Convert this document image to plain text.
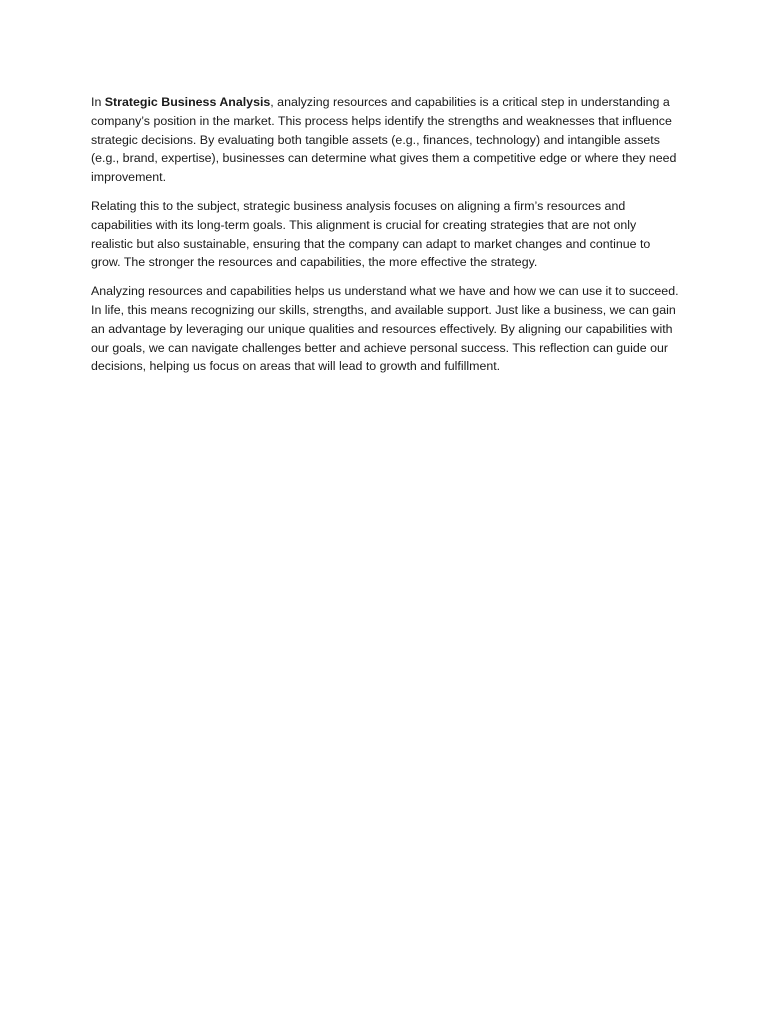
In Strategic Business Analysis, analyzing resources and capabilities is a critical step in understanding a company’s position in the market. This process helps identify the strengths and weaknesses that influence strategic decisions. By evaluating both tangible assets (e.g., finances, technology) and intangible assets (e.g., brand, expertise), businesses can determine what gives them a competitive edge or where they need improvement.

Relating this to the subject, strategic business analysis focuses on aligning a firm’s resources and capabilities with its long-term goals. This alignment is crucial for creating strategies that are not only realistic but also sustainable, ensuring that the company can adapt to market changes and continue to grow. The stronger the resources and capabilities, the more effective the strategy.

Analyzing resources and capabilities helps us understand what we have and how we can use it to succeed. In life, this means recognizing our skills, strengths, and available support. Just like a business, we can gain an advantage by leveraging our unique qualities and resources effectively. By aligning our capabilities with our goals, we can navigate challenges better and achieve personal success. This reflection can guide our decisions, helping us focus on areas that will lead to growth and fulfillment.
